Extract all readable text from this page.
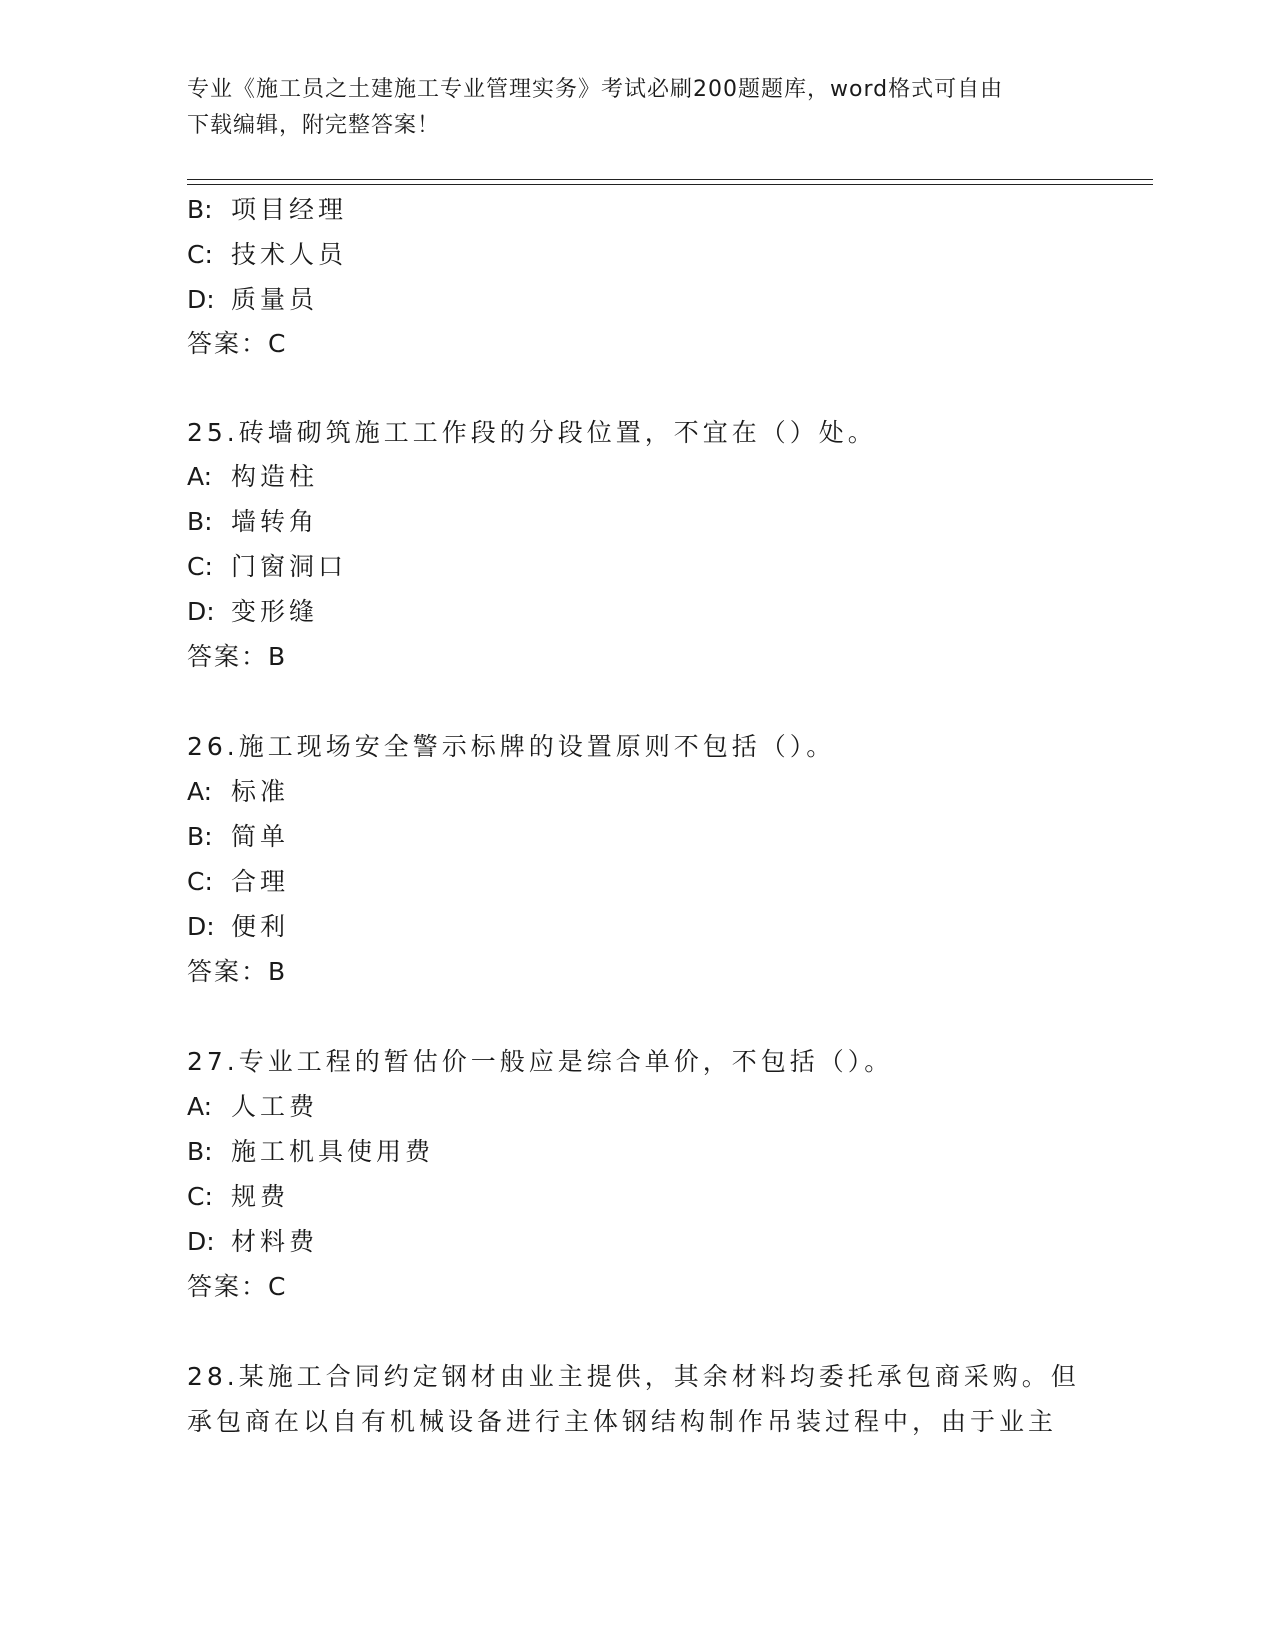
专业《施工员之土建施工专业管理实务》考试必刷200题题库，word格式可自由
下载编辑，附完整答案！
B: 项目经理
C: 技术人员
D: 质量员
答案：C
25.砖墙砌筑施工工作段的分段位置，不宜在（）处。
A: 构造柱
B: 墙转角
C: 门窗洞口
D: 变形缝
答案：B
26.施工现场安全警示标牌的设置原则不包括（）。
A: 标准
B: 简单
C: 合理
D: 便利
答案：B
27.专业工程的暂估价一般应是综合单价，不包括（）。
A: 人工费
B: 施工机具使用费
C: 规费
D: 材料费
答案：C
28.某施工合同约定钢材由业主提供，其余材料均委托承包商采购。但
承包商在以自有机械设备进行主体钢结构制作吊装过程中，由于业主
